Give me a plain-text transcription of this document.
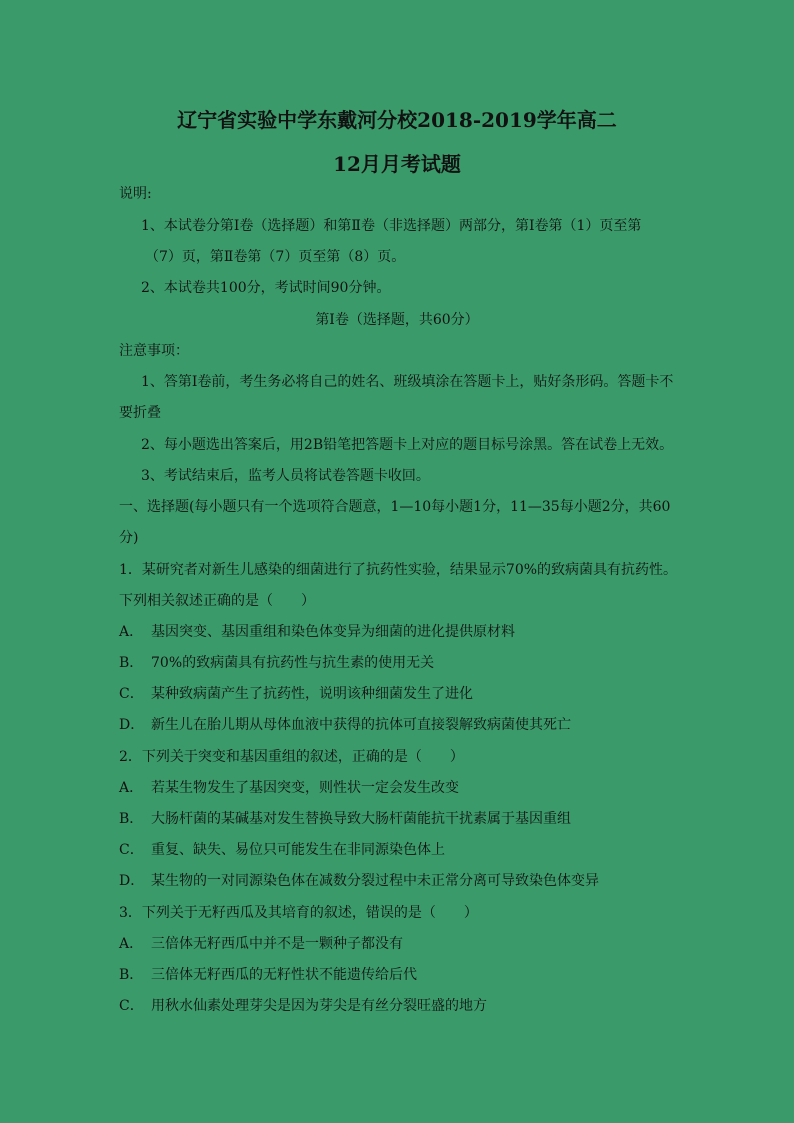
辽宁省实验中学东戴河分校2018-2019学年高二
12月月考试题
说明:
1、本试卷分第Ⅰ卷（选择题）和第Ⅱ卷（非选择题）两部分，第Ⅰ卷第（1）页至第
（7）页，第Ⅱ卷第（7）页至第（8）页。
2、本试卷共100分，考试时间90分钟。
第Ⅰ卷（选择题，共60分）
注意事项：
1、答第Ⅰ卷前，考生务必将自己的姓名、班级填涂在答题卡上，贴好条形码。答题卡不
要折叠
2、每小题选出答案后，用2B铅笔把答题卡上对应的题目标号涂黑。答在试卷上无效。
3、考试结束后，监考人员将试卷答题卡收回。
一、选择题(每小题只有一个选项符合题意，1—10每小题1分，11—35每小题2分，共60
分)
1．某研究者对新生儿感染的细菌进行了抗药性实验，结果显示70%的致病菌具有抗药性。
下列相关叙述正确的是（　　）
A． 基因突变、基因重组和染色体变异为细菌的进化提供原材料
B． 70%的致病菌具有抗药性与抗生素的使用无关
C． 某种致病菌产生了抗药性，说明该种细菌发生了进化
D． 新生儿在胎儿期从母体血液中获得的抗体可直接裂解致病菌使其死亡
2．下列关于突变和基因重组的叙述，正确的是（　　）
A． 若某生物发生了基因突变，则性状一定会发生改变
B． 大肠杆菌的某碱基对发生替换导致大肠杆菌能抗干扰素属于基因重组
C． 重复、缺失、易位只可能发生在非同源染色体上
D． 某生物的一对同源染色体在减数分裂过程中未正常分离可导致染色体变异
3．下列关于无籽西瓜及其培育的叙述，错误的是（　　）
A． 三倍体无籽西瓜中并不是一颗种子都没有
B． 三倍体无籽西瓜的无籽性状不能遗传给后代
C． 用秋水仙素处理芽尖是因为芽尖是有丝分裂旺盛的地方
